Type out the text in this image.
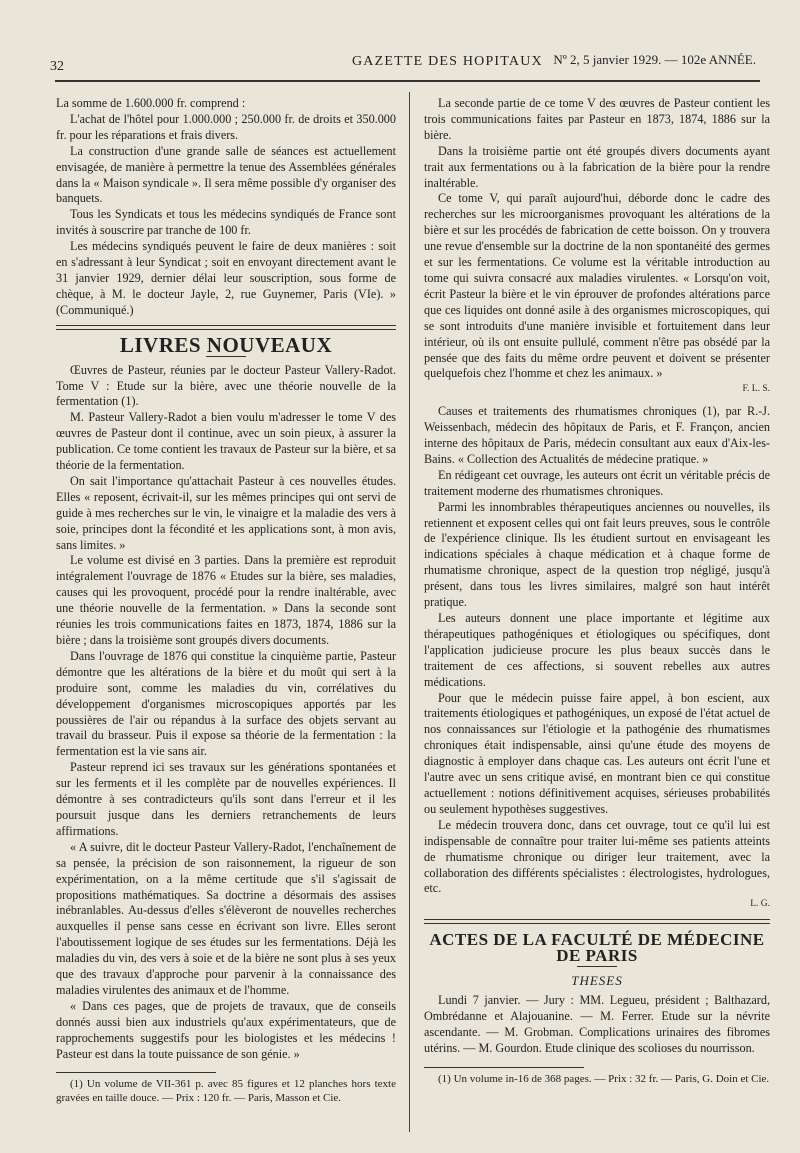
32	GAZETTE DES HOPITAUX Nº 2, 5 janvier 1929. — 102e ANNÉE.

La somme de 1.600.000 fr. comprend :

L'achat de l'hôtel pour 1.000.000 ; 250.000 fr. de droits et 350.000 fr. pour les réparations et frais divers.

La construction d'une grande salle de séances est actuellement envisagée, de manière à permettre la tenue des Assemblées générales dans la « Maison syndicale ». Il sera même possible d'y organiser des banquets.

Tous les Syndicats et tous les médecins syndiqués de France sont invités à souscrire par tranche de 100 fr.

Les médecins syndiqués peuvent le faire de deux manières : soit en s'adressant à leur Syndicat ; soit en envoyant directement avant le 31 janvier 1929, dernier délai leur souscription, sous forme de chèque, à M. le docteur Jayle, 2, rue Guynemer, Paris (VIe). » (Communiqué.)

LIVRES NOUVEAUX

Œuvres de Pasteur, réunies par le docteur Pasteur Vallery-Radot. Tome V : Etude sur la bière, avec une théorie nouvelle de la fermentation (1).

M. Pasteur Vallery-Radot a bien voulu m'adresser le tome V des œuvres de Pasteur dont il continue, avec un soin pieux, à assurer la publication. Ce tome contient les travaux de Pasteur sur la bière, et sa théorie de la fermentation.

On sait l'importance qu'attachait Pasteur à ces nouvelles études. Elles « reposent, écrivait-il, sur les mêmes principes qui ont servi de guide à mes recherches sur le vin, le vinaigre et la maladie des vers à soie, principes dont la fécondité et les applications sont, à mon avis, sans limites. »

Le volume est divisé en 3 parties. Dans la première est reproduit intégralement l'ouvrage de 1876 « Etudes sur la bière, ses maladies, causes qui les provoquent, procédé pour la rendre inaltérable, avec une théorie nouvelle de la fermentation. » Dans la seconde sont réunies les trois communications faites en 1873, 1874, 1886 sur la bière ; dans la troisième sont groupés divers documents.

Dans l'ouvrage de 1876 qui constitue la cinquième partie, Pasteur démontre que les altérations de la bière et du moût qui sert à la produire sont, comme les maladies du vin, corrélatives du développement d'organismes microscopiques apportés par les poussières de l'air ou répandus à la surface des objets servant au travail du brasseur. Puis il expose sa théorie de la fermentation : la fermentation est la vie sans air.

Pasteur reprend ici ses travaux sur les générations spontanées et sur les ferments et il les complète par de nouvelles expériences. Il démontre à ses contradicteurs qu'ils sont dans l'erreur et il les poursuit jusque dans les derniers retranchements de leurs affirmations.

« A suivre, dit le docteur Pasteur Vallery-Radot, l'enchaînement de sa pensée, la précision de son raisonnement, la rigueur de son expérimentation, on a la même certitude que s'il s'agissait de propositions mathématiques. Sa doctrine a désormais des assises inébranlables. Au-dessus d'elles s'élèveront de nouvelles recherches auxquelles il pense sans cesse en écrivant son livre. Elles seront l'aboutissement logique de ses études sur les fermentations. Déjà les maladies du vin, des vers à soie et de la bière ne sont plus à ses yeux que des travaux d'approche pour parvenir à la connaissance des maladies virulentes des animaux et de l'homme.

« Dans ces pages, que de projets de travaux, que de conseils donnés aussi bien aux industriels qu'aux expérimentateurs, que de rapprochements suggestifs pour les biologistes et les médecins ! Pasteur est dans la toute puissance de son génie. »

(1) Un volume de VII-361 p. avec 85 figures et 12 planches hors texte gravées en taille douce. — Prix : 120 fr. — Paris, Masson et Cie.

La seconde partie de ce tome V des œuvres de Pasteur contient les trois communications faites par Pasteur en 1873, 1874, 1886 sur la bière.

Dans la troisième partie ont été groupés divers documents ayant trait aux fermentations ou à la fabrication de la bière pour la rendre inaltérable.

Ce tome V, qui paraît aujourd'hui, déborde donc le cadre des recherches sur les microorganismes provoquant les altérations de la bière et sur les procédés de fabrication de cette boisson. On y trouvera une revue d'ensemble sur la doctrine de la non spontanéité des germes et sur les fermentations. Ce volume est la véritable introduction au tome qui suivra consacré aux maladies virulentes. « Lorsqu'on voit, écrit Pasteur la bière et le vin éprouver de profondes altérations parce que ces liquides ont donné asile à des organismes microscopiques, qui se sont introduits d'une manière invisible et fortuitement dans leur intérieur, où ils ont ensuite pullulé, comment n'être pas obsédé par la pensée que des faits du même ordre peuvent et doivent se présenter quelquefois chez l'homme et chez les animaux. »

F. L. S.

Causes et traitements des rhumatismes chroniques (1), par R.-J. Weissenbach, médecin des hôpitaux de Paris, et F. Françon, ancien interne des hôpitaux de Paris, médecin consultant aux eaux d'Aix-les-Bains. « Collection des Actualités de médecine pratique. »

En rédigeant cet ouvrage, les auteurs ont écrit un véritable précis de traitement moderne des rhumatismes chroniques.

Parmi les innombrables thérapeutiques anciennes ou nouvelles, ils retiennent et exposent celles qui ont fait leurs preuves, sous le contrôle de l'expérience clinique. Ils les étudient surtout en envisageant les indications spéciales à chaque médication et à chaque forme de rhumatisme chronique, aspect de la question trop négligé, jusqu'à présent, dans tous les livres similaires, malgré son haut intérêt pratique.

Les auteurs donnent une place importante et légitime aux thérapeutiques pathogéniques et étiologiques ou spécifiques, dont l'application judicieuse procure les plus beaux succès dans le traitement de ces affections, si souvent rebelles aux autres médications.

Pour que le médecin puisse faire appel, à bon escient, aux traitements étiologiques et pathogéniques, un exposé de l'état actuel de nos connaissances sur l'étiologie et la pathogénie des rhumatismes chroniques était indispensable, ainsi qu'une étude des moyens de diagnostic à employer dans chaque cas. Les auteurs ont écrit l'une et l'autre avec un sens critique avisé, en montrant bien ce qui constitue actuellement : notions définitivement acquises, sérieuses probabilités ou seulement hypothèses suggestives.

Le médecin trouvera donc, dans cet ouvrage, tout ce qu'il lui est indispensable de connaître pour traiter lui-même ses patients atteints de rhumatisme chronique ou diriger leur traitement, avec la collaboration des différents spécialistes : électrologistes, hydrologues, etc.

L. G.
ACTES DE LA FACULTÉ DE MÉDECINE DE PARIS
THESES

Lundi 7 janvier. — Jury : MM. Legueu, président ; Balthazard, Ombrédanne et Alajouanine. — M. Ferrer. Etude sur la névrite ascendante. — M. Grobman. Complications urinaires des fibromes utérins. — M. Gourdon. Etude clinique des scolioses du nourrisson.

(1) Un volume in-16 de 368 pages. — Prix : 32 fr. — Paris, G. Doin et Cie.
